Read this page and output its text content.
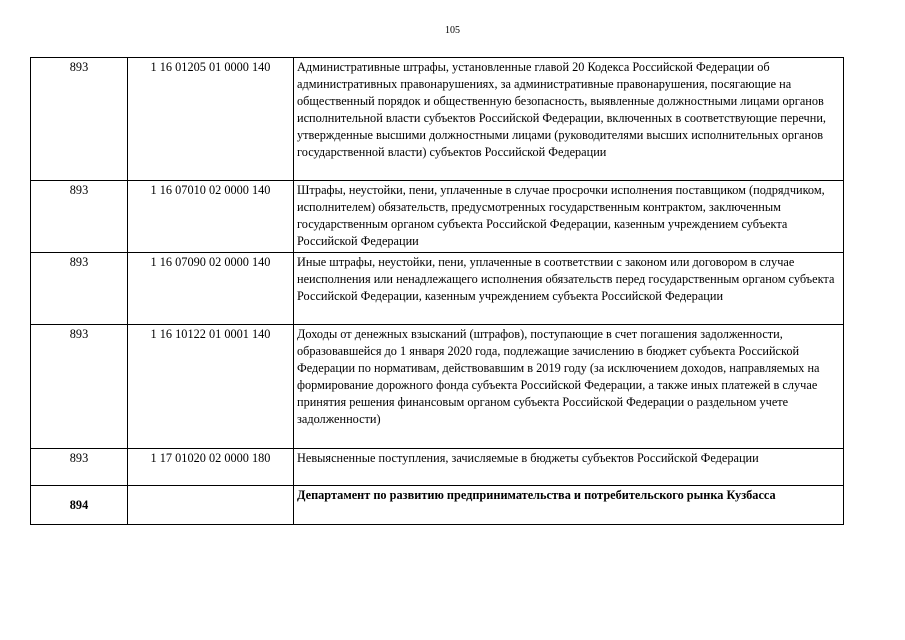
105
893	1 16 01205 01 0000 140	Административные штрафы, установленные главой 20 Кодекса Российской Федерации об административных правонарушениях, за административные правонарушения, посягающие на общественный порядок и общественную безопасность, выявленные должностными лицами органов исполнительной власти субъектов Российской Федерации, включенных в соответствующие перечни, утвержденные высшими должностными лицами (руководителями высших исполнительных органов государственной власти) субъектов Российской Федерации
893	1 16 07010 02 0000 140	Штрафы, неустойки, пени, уплаченные в случае просрочки исполнения поставщиком (подрядчиком, исполнителем) обязательств, предусмотренных государственным контрактом, заключенным государственным органом субъекта Российской Федерации, казенным учреждением субъекта Российской Федерации
893	1 16 07090 02 0000 140	Иные штрафы, неустойки, пени, уплаченные в соответствии с законом или договором в случае неисполнения или ненадлежащего исполнения обязательств перед государственным органом субъекта Российской Федерации, казенным учреждением субъекта Российской Федерации
893	1 16 10122 01 0001 140	Доходы от денежных взысканий (штрафов), поступающие в счет погашения задолженности, образовавшейся до 1 января 2020 года, подлежащие зачислению в бюджет субъекта Российской Федерации по нормативам, действовавшим в 2019 году (за исключением доходов, направляемых на формирование дорожного фонда субъекта Российской Федерации, а также иных платежей в случае принятия решения финансовым органом субъекта Российской Федерации о раздельном учете задолженности)
893	1 17 01020 02 0000 180	Невыясненные поступления, зачисляемые в бюджеты субъектов Российской Федерации
894		Департамент по развитию предпринимательства и потребительского рынка Кузбасса
